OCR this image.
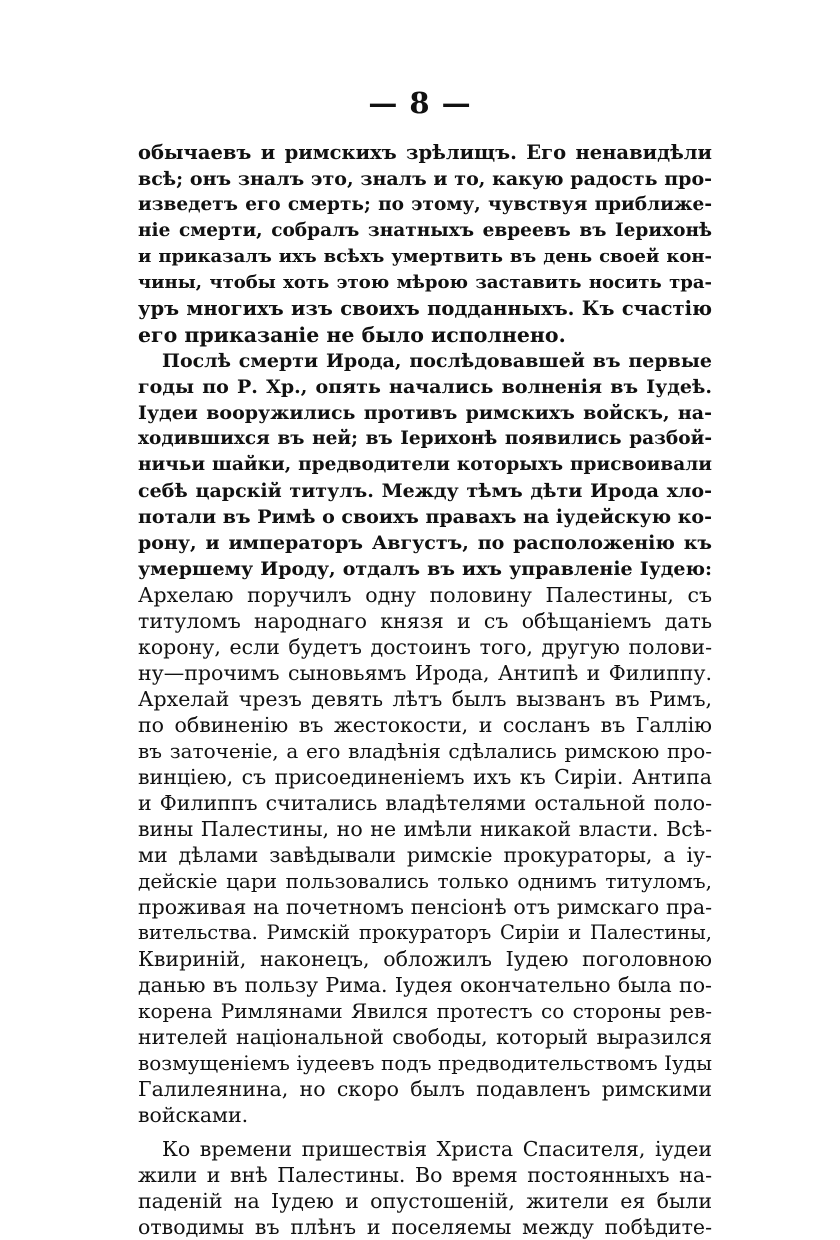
— 8 —
обычаевъ и римскихъ зрѣлищъ. Его ненавидѣли
всѣ; онъ зналъ это, зналъ и то, какую радость про-
изведетъ его смерть; по этому, чувствуя приближе-
ніе смерти, собралъ знатныхъ евреевъ въ Іерихонѣ
и приказалъ ихъ всѣхъ умертвить въ день своей кон-
чины, чтобы хоть этою мѣрою заставить носить тра-
уръ многихъ изъ своихъ подданныхъ. Къ счастію
его приказаніе не было исполнено.
Послѣ смерти Ирода, послѣдовавшей въ первые
годы по Р. Хр., опять начались волненія въ Іудеѣ.
Іудеи вооружились противъ римскихъ войскъ, на-
ходившихся въ ней; въ Іерихонѣ появились разбой-
ничьи шайки, предводители которыхъ присвоивали
себѣ царскій титулъ. Между тѣмъ дѣти Ирода хло-
потали въ Римѣ о своихъ правахъ на іудейскую ко-
рону, и императоръ Августъ, по расположенію къ
умершему Ироду, отдалъ въ ихъ управленіе Іудею:
Архелаю поручилъ одну половину Палестины, съ
титуломъ народнаго князя и съ обѣщаніемъ дать
корону, если будетъ достоинъ того, другую полови-
ну—прочимъ сыновьямъ Ирода, Антипѣ и Филиппу.
Архелай чрезъ девять лѣтъ былъ вызванъ въ Римъ,
по обвиненію въ жестокости, и сосланъ въ Галлію
въ заточеніе, а его владѣнія сдѣлались римскою про-
винціею, съ присоединеніемъ ихъ къ Сиріи. Антипа
и Филиппъ считались владѣтелями остальной поло-
вины Палестины, но не имѣли никакой власти. Всѣ-
ми дѣлами завѣдывали римскіе прокураторы, а іу-
дейскіе цари пользовались только однимъ титуломъ,
проживая на почетномъ пенсіонѣ отъ римскаго пра-
вительства. Римскій прокураторъ Сиріи и Палестины,
Квириній, наконецъ, обложилъ Іудею поголовною
данью въ пользу Рима. Іудея окончательно была по-
корена Римлянами Явился протестъ со стороны рев-
нителей національной свободы, который выразился
возмущеніемъ іудеевъ подъ предводительствомъ Іуды
Галилеянина, но скоро былъ подавленъ римскими
войсками.
Ко времени пришествія Христа Спасителя, іудеи
жили и внѣ Палестины. Во время постоянныхъ на-
паденій на Іудею и опустошеній, жители ея были
отводимы въ плѣнъ и поселяемы между побѣдите-
